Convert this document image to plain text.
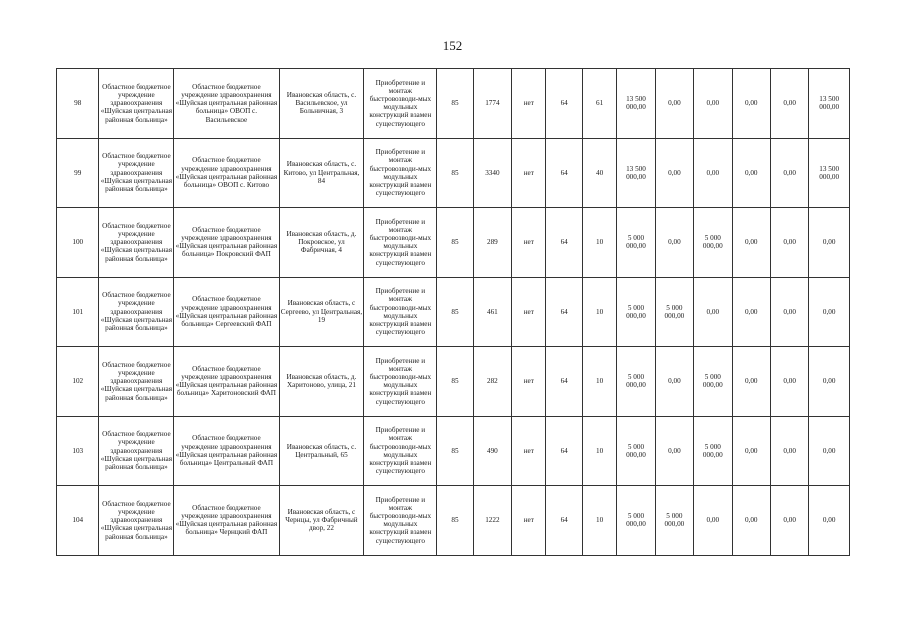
152
98	Областное бюджетное учреждение здравоохранения «Шуйская центральная районная больница»	Областное бюджетное учреждение здравоохранения «Шуйская центральная районная больница» ОВОП с. Васильевское	Ивановская область, с. Васильевское, ул Больничная, 3	Приобретение и монтаж быстровозводи-мых модульных конструкций взамен существующего	85	1774	нет	64	61	13 500 000,00	0,00	0,00	0,00	0,00	13 500 000,00

99	Областное бюджетное учреждение здравоохранения «Шуйская центральная районная больница»	Областное бюджетное учреждение здравоохранения «Шуйская центральная районная больница» ОВОП с. Китово	Ивановская область, с. Китово, ул Центральная, 84	Приобретение и монтаж быстровозводи-мых модульных конструкций взамен существующего	85	3340	нет	64	40	13 500 000,00	0,00	0,00	0,00	0,00	13 500 000,00

100	Областное бюджетное учреждение здравоохранения «Шуйская центральная районная больница»	Областное бюджетное учреждение здравоохранения «Шуйская центральная районная больница» Покровский ФАП	Ивановская область, д. Покровское, ул Фабричная, 4	Приобретение и монтаж быстровозводи-мых модульных конструкций взамен существующего	85	289	нет	64	10	5 000 000,00	0,00	5 000 000,00	0,00	0,00	0,00

101	Областное бюджетное учреждение здравоохранения «Шуйская центральная районная больница»	Областное бюджетное учреждение здравоохранения «Шуйская центральная районная больница» Сергеевский ФАП	Ивановская область, с Сергеево, ул Центральная, 19	Приобретение и монтаж быстровозводи-мых модульных конструкций взамен существующего	85	461	нет	64	10	5 000 000,00	5 000 000,00	0,00	0,00	0,00	0,00

102	Областное бюджетное учреждение здравоохранения «Шуйская центральная районная больница»	Областное бюджетное учреждение здравоохранения «Шуйская центральная районная больница» Харитоновский ФАП	Ивановская область, д. Харитоново, улица, 21	Приобретение и монтаж быстровозводи-мых модульных конструкций взамен существующего	85	282	нет	64	10	5 000 000,00	0,00	5 000 000,00	0,00	0,00	0,00

103	Областное бюджетное учреждение здравоохранения «Шуйская центральная районная больница»	Областное бюджетное учреждение здравоохранения «Шуйская центральная районная больница» Центральный ФАП	Ивановская область, с. Центральный, 65	Приобретение и монтаж быстровозводи-мых модульных конструкций взамен существующего	85	490	нет	64	10	5 000 000,00	0,00	5 000 000,00	0,00	0,00	0,00

104	Областное бюджетное учреждение здравоохранения «Шуйская центральная районная больница»	Областное бюджетное учреждение здравоохранения «Шуйская центральная районная больница» Чернцкий ФАП	Ивановская область, с Чернцы, ул Фабричный двор, 22	Приобретение и монтаж быстровозводи-мых модульных конструкций взамен существующего	85	1222	нет	64	10	5 000 000,00	5 000 000,00	0,00	0,00	0,00	0,00
